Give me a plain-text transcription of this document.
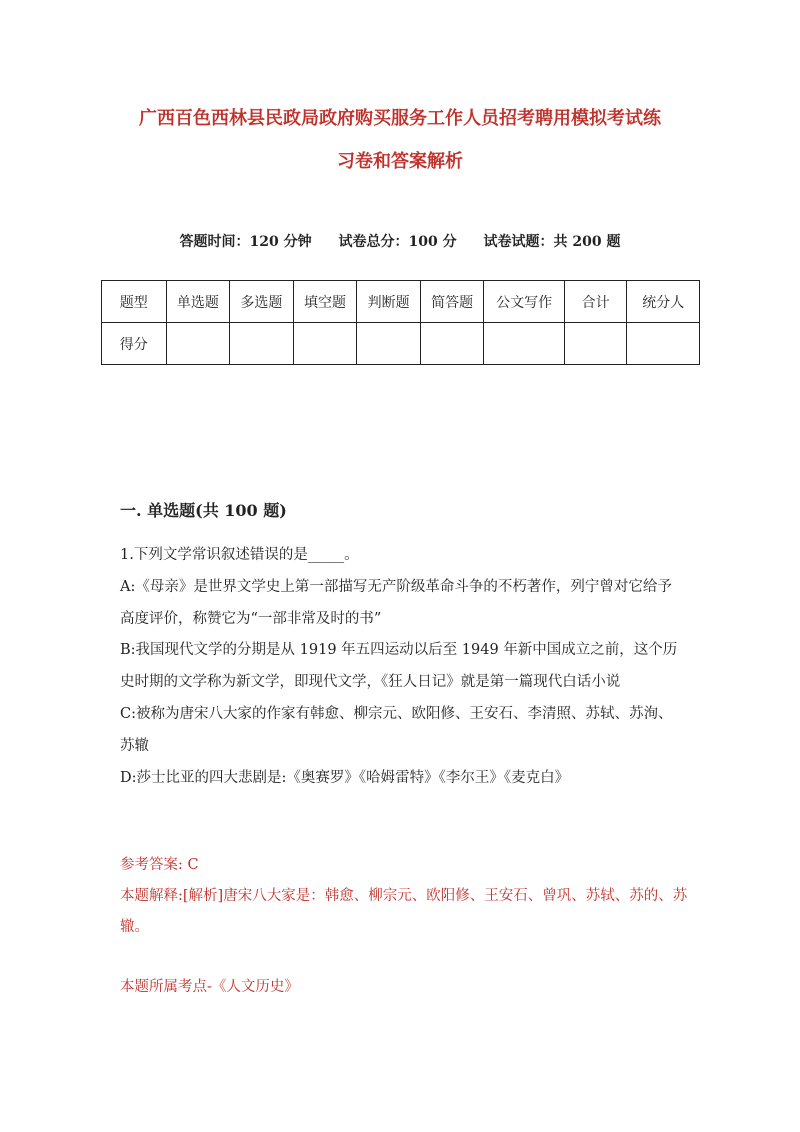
广西百色西林县民政局政府购买服务工作人员招考聘用模拟考试练
习卷和答案解析
答题时间：120 分钟 试卷总分：100 分 试卷试题：共 200 题
题型	单选题	多选题	填空题	判断题	简答题	公文写作	合计	统分人
得分								
一. 单选题(共 100 题)

1.下列文学常识叙述错误的是_____。

A:《母亲》是世界文学史上第一部描写无产阶级革命斗争的不朽著作，列宁曾对它给予高度评价，称赞它为“一部非常及时的书”

B:我国现代文学的分期是从 1919 年五四运动以后至 1949 年新中国成立之前，这个历史时期的文学称为新文学，即现代文学，《狂人日记》就是第一篇现代白话小说

C:被称为唐宋八大家的作家有韩愈、柳宗元、欧阳修、王安石、李清照、苏轼、苏洵、苏辙

D:莎士比亚的四大悲剧是:《奥赛罗》《哈姆雷特》《李尔王》《麦克白》

参考答案: C

本题解释:[解析]唐宋八大家是：韩愈、柳宗元、欧阳修、王安石、曾巩、苏轼、苏的、苏辙。

本题所属考点-《人文历史》
